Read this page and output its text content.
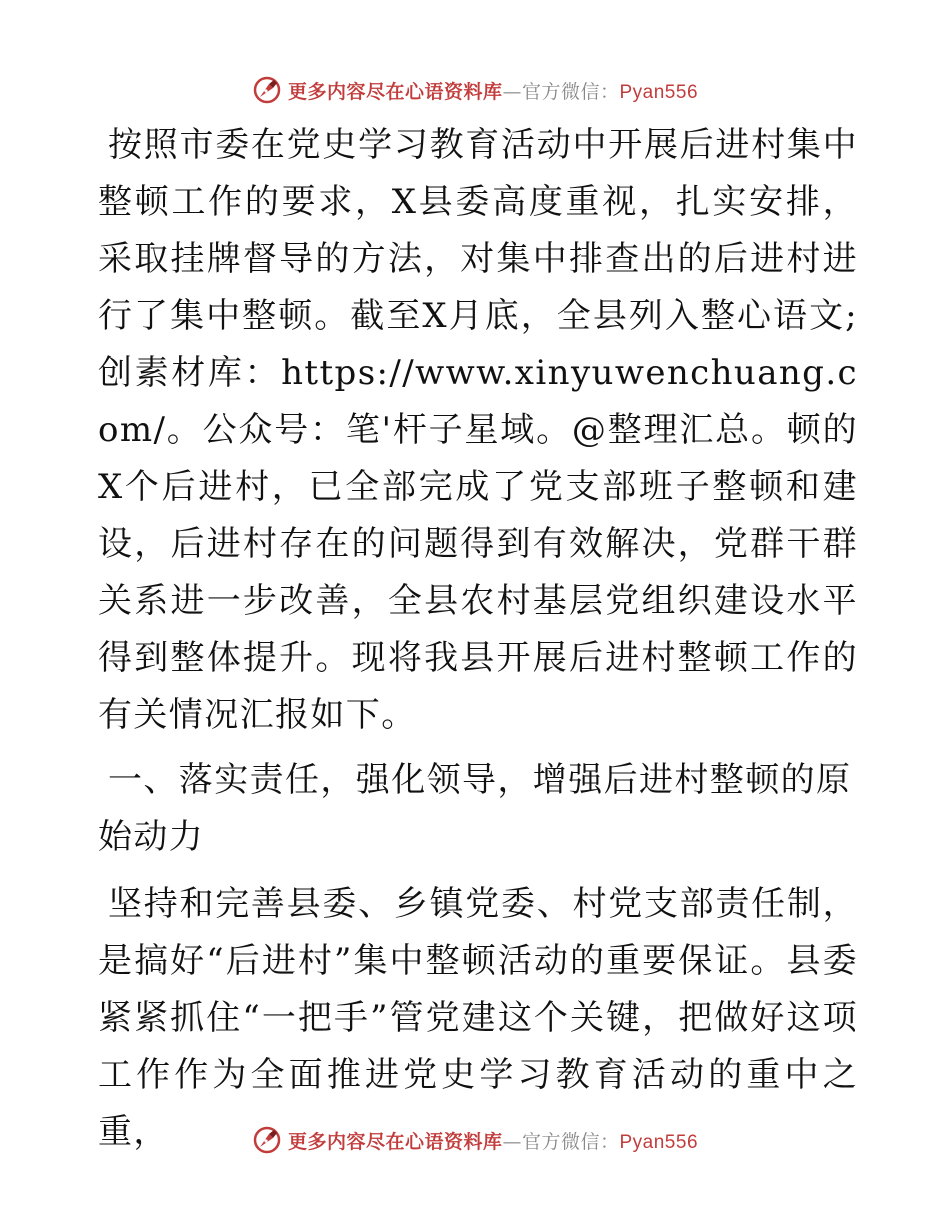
更多内容尽在心语资料库—官方微信：Pyan556

按照市委在党史学习教育活动中开展后进村集中整顿工作的要求，X县委高度重视，扎实安排，采取挂牌督导的方法，对集中排查出的后进村进行了集中整顿。截至X月底，全县列入整心语文;创素材库：https://www.xinyuwenchuang.com/。公众号：笔'杆子星域。@整理汇总。顿的X个后进村，已全部完成了党支部班子整顿和建设，后进村存在的问题得到有效解决，党群干群关系进一步改善，全县农村基层党组织建设水平得到整体提升。现将我县开展后进村整顿工作的有关情况汇报如下。

一、落实责任，强化领导，增强后进村整顿的原始动力

坚持和完善县委、乡镇党委、村党支部责任制，是搞好“后进村”集中整顿活动的重要保证。县委紧紧抓住“一把手”管党建这个关键，把做好这项工作作为全面推进党史学习教育活动的重中之重，	更多内容尽在心语资料库—官方微信：Pyan556
